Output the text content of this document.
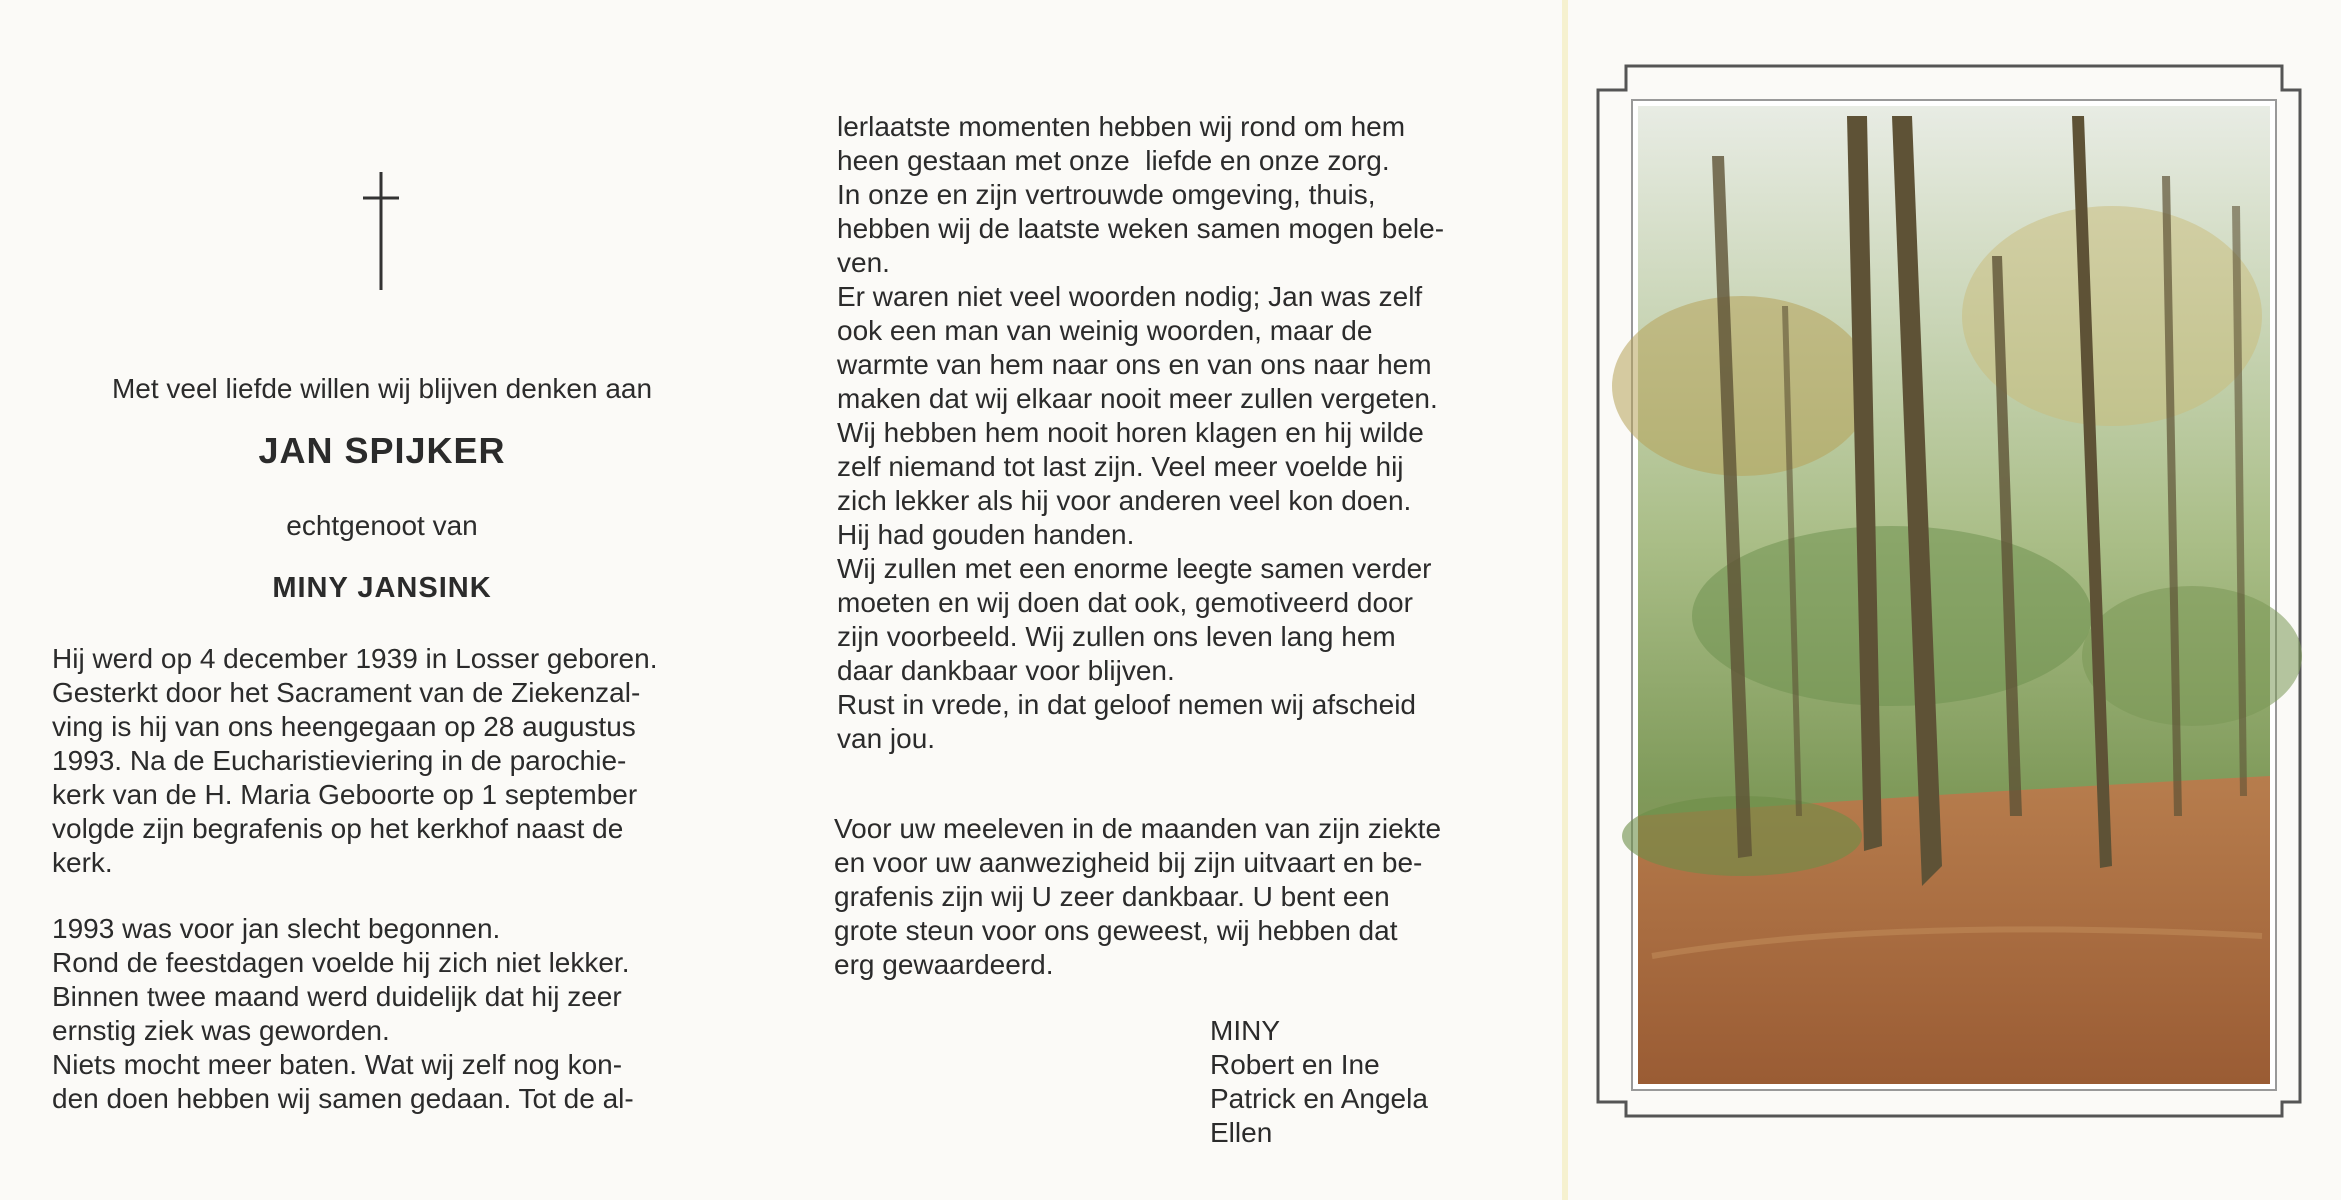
Met veel liefde willen wij blijven denken aan
JAN SPIJKER
echtgenoot van
MINY JANSINK
Hij werd op 4 december 1939 in Losser geboren.
Gesterkt door het Sacrament van de Ziekenzal-
ving is hij van ons heengegaan op 28 augustus
1993. Na de Eucharistieviering in de parochie-
kerk van de H. Maria Geboorte op 1 september
volgde zijn begrafenis op het kerkhof naast de
kerk.
1993 was voor jan slecht begonnen.
Rond de feestdagen voelde hij zich niet lekker.
Binnen twee maand werd duidelijk dat hij zeer
ernstig ziek was geworden.
Niets mocht meer baten. Wat wij zelf nog kon-
den doen hebben wij samen gedaan. Tot de al-
lerlaatste momenten hebben wij rond om hem
heen gestaan met onze  liefde en onze zorg.
In onze en zijn vertrouwde omgeving, thuis,
hebben wij de laatste weken samen mogen bele-
ven.
Er waren niet veel woorden nodig; Jan was zelf
ook een man van weinig woorden, maar de
warmte van hem naar ons en van ons naar hem
maken dat wij elkaar nooit meer zullen vergeten.
Wij hebben hem nooit horen klagen en hij wilde
zelf niemand tot last zijn. Veel meer voelde hij
zich lekker als hij voor anderen veel kon doen.
Hij had gouden handen.
Wij zullen met een enorme leegte samen verder
moeten en wij doen dat ook, gemotiveerd door
zijn voorbeeld. Wij zullen ons leven lang hem
daar dankbaar voor blijven.
Rust in vrede, in dat geloof nemen wij afscheid
van jou.
Voor uw meeleven in de maanden van zijn ziekte
en voor uw aanwezigheid bij zijn uitvaart en be-
grafenis zijn wij U zeer dankbaar. U bent een
grote steun voor ons geweest, wij hebben dat
erg gewaardeerd.
MINY
Robert en Ine
Patrick en Angela
Ellen
